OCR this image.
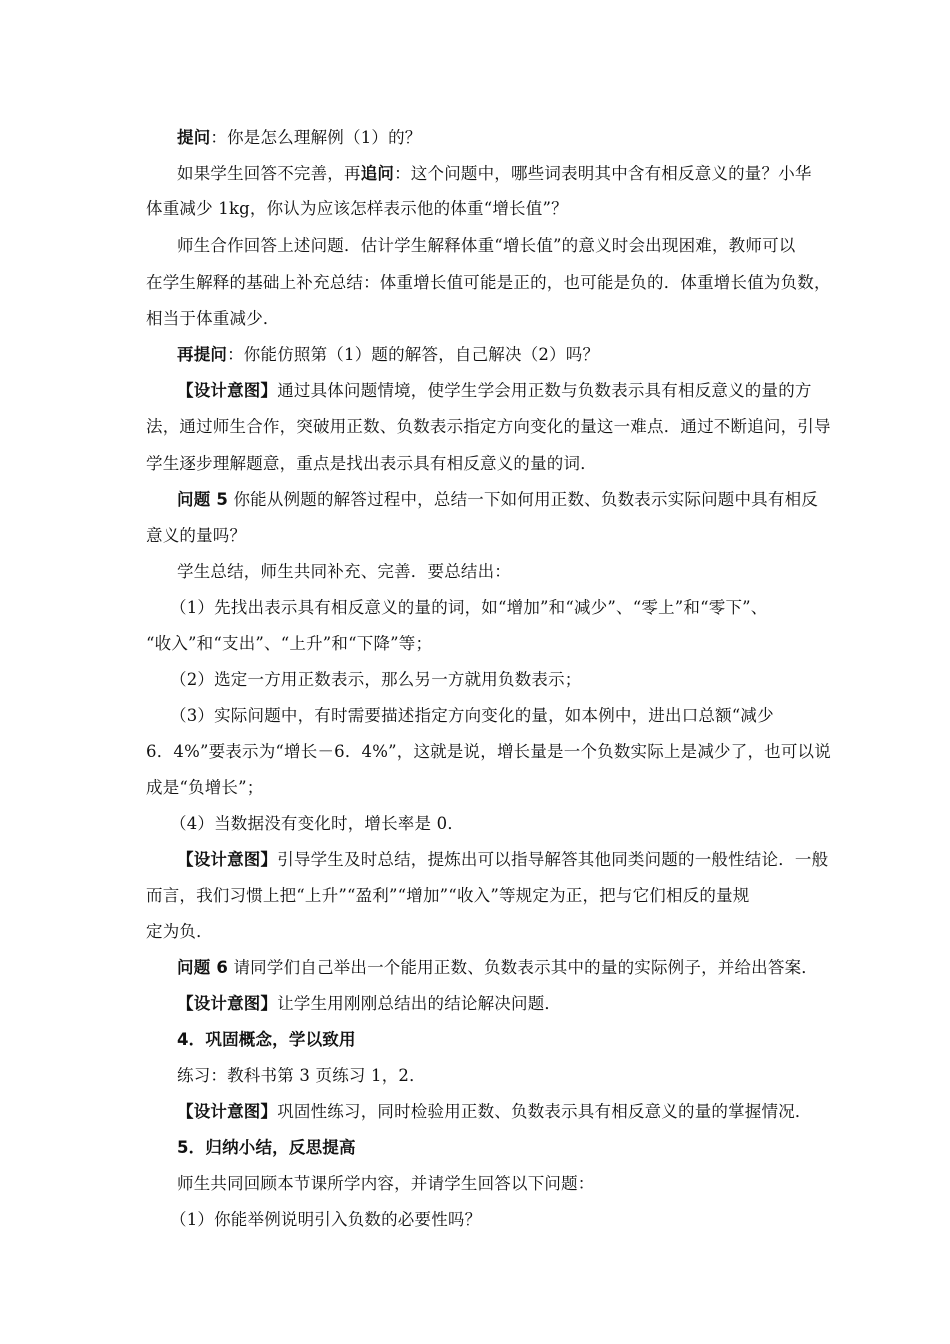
提问：你是怎么理解例（1）的？
如果学生回答不完善，再追问：这个问题中，哪些词表明其中含有相反意义的量？小华
体重减少 1kg，你认为应该怎样表示他的体重“增长值”？
师生合作回答上述问题．估计学生解释体重“增长值”的意义时会出现困难，教师可以
在学生解释的基础上补充总结：体重增长值可能是正的，也可能是负的．体重增长值为负数，
相当于体重减少．
再提问：你能仿照第（1）题的解答，自己解决（2）吗？
【设计意图】通过具体问题情境，使学生学会用正数与负数表示具有相反意义的量的方
法，通过师生合作，突破用正数、负数表示指定方向变化的量这一难点．通过不断追问，引导
学生逐步理解题意，重点是找出表示具有相反意义的量的词．
问题 5 你能从例题的解答过程中，总结一下如何用正数、负数表示实际问题中具有相反
意义的量吗？
学生总结，师生共同补充、完善．要总结出：
（1）先找出表示具有相反意义的量的词，如“增加”和“减少”、“零上”和“零下”、
“收入”和“支出”、“上升”和“下降”等；
（2）选定一方用正数表示，那么另一方就用负数表示；
（3）实际问题中，有时需要描述指定方向变化的量，如本例中，进出口总额“减少
6．4%”要表示为“增长－6．4%”，这就是说，增长量是一个负数实际上是减少了，也可以说
成是“负增长”；
（4）当数据没有变化时，增长率是 0．
【设计意图】引导学生及时总结，提炼出可以指导解答其他同类问题的一般性结论．一般
而言，我们习惯上把“上升”“盈利”“增加”“收入”等规定为正，把与它们相反的量规
定为负．
问题 6 请同学们自己举出一个能用正数、负数表示其中的量的实际例子，并给出答案．
【设计意图】让学生用刚刚总结出的结论解决问题．
4．巩固概念，学以致用
练习：教科书第 3 页练习 1，2．
【设计意图】巩固性练习，同时检验用正数、负数表示具有相反意义的量的掌握情况．
5．归纳小结，反思提高
师生共同回顾本节课所学内容，并请学生回答以下问题：
（1）你能举例说明引入负数的必要性吗？
